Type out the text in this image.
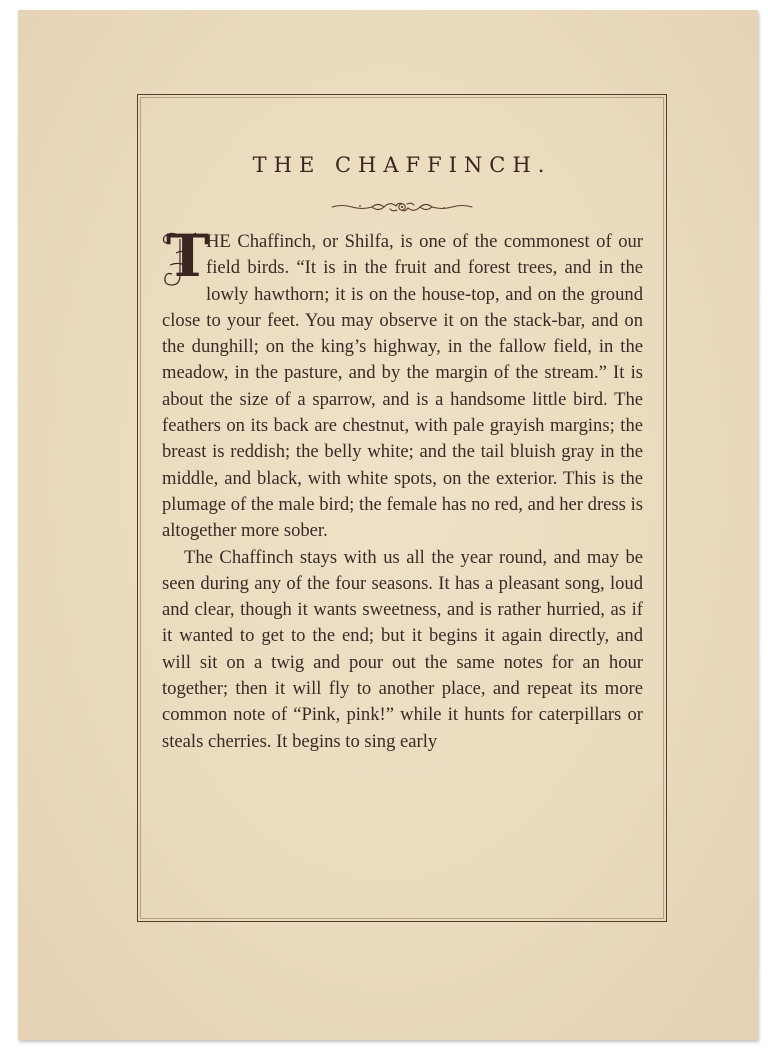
THE CHAFFINCH.

T
HE Chaffinch, or Shilfa, is one of the commonest of our field birds. “It is in the fruit and forest trees, and in the lowly hawthorn; it is on the house-top, and on the ground close to your feet. You may observe it on the stack-bar, and on the dunghill; on the king’s highway, in the fallow field, in the meadow, in the pasture, and by the margin of the stream.” It is about the size of a sparrow, and is a handsome little bird. The feathers on its back are chestnut, with pale grayish margins; the breast is reddish; the belly white; and the tail bluish gray in the middle, and black, with white spots, on the exterior. This is the plumage of the male bird; the female has no red, and her dress is altogether more sober.

The Chaffinch stays with us all the year round, and may be seen during any of the four seasons. It has a pleasant song, loud and clear, though it wants sweetness, and is rather hurried, as if it wanted to get to the end; but it begins it again directly, and will sit on a twig and pour out the same notes for an hour together; then it will fly to another place, and repeat its more common note of “Pink, pink!” while it hunts for caterpillars or steals cherries. It begins to sing early
